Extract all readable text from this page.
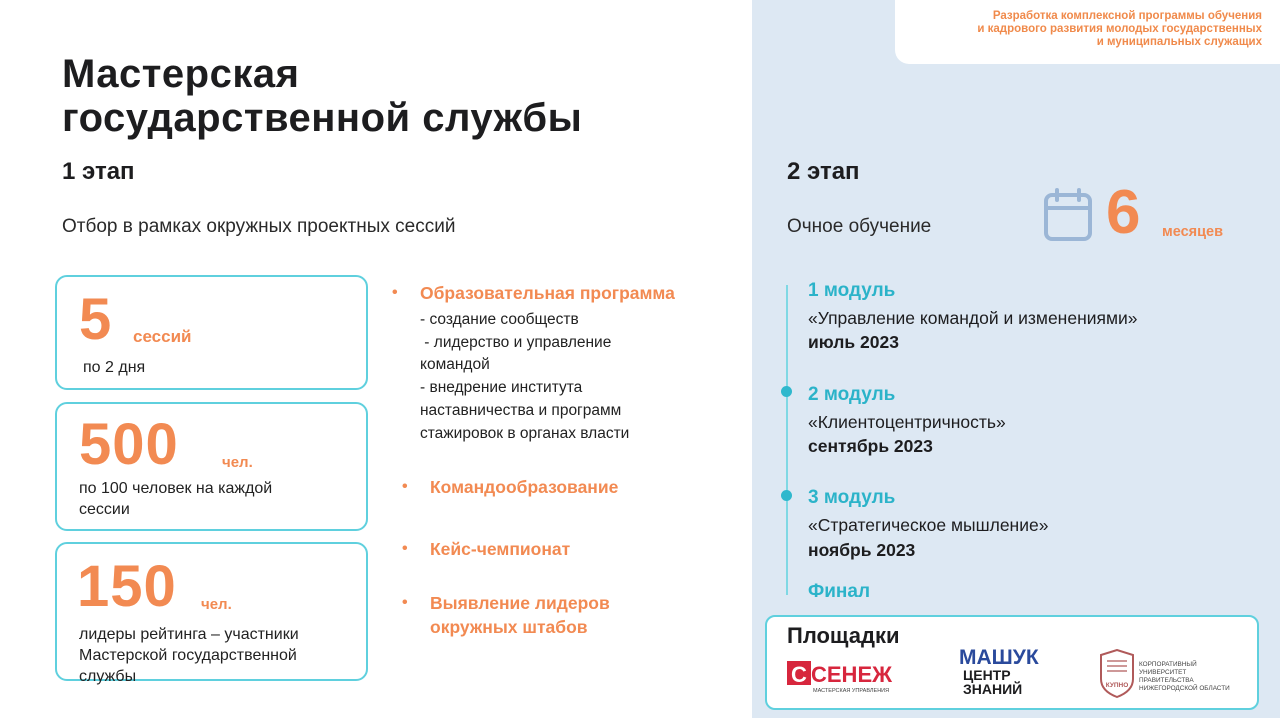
Разработка комплексной программы обучения
и кадрового развития молодых государственных
и муниципальных служащих
Мастерская
государственной службы
1 этап
Отбор в рамках окружных проектных сессий
5 сессий
по 2 дня
500	чел.
по 100 человек на каждой
сессии
150 чел.
лидеры рейтинга – участники
Мастерской государственной
службы
• Образовательная программа
- создание сообществ
- лидерство и управление
командой
- внедрение института
наставничества и программ
стажировок в органах власти
• Командообразование
• Кейс-чемпионат
• Выявление лидеров
окружных штабов
2 этап
Очное обучение	6 месяцев
1 модуль
«Управление командой и изменениями»
июль 2023
2 модуль
«Клиентоцентричность»
сентябрь 2023
3 модуль
«Стратегическое мышление»
ноябрь 2023
Финал
Площадки
С СЕНЕЖ
МАСТЕРСКАЯ УПРАВЛЕНИЯ
МАШУК
ЦЕНТР
ЗНАНИЙ	КУПНО
КОРПОРАТИВНЫЙ УНИВЕРСИТЕТ
ПРАВИТЕЛЬСТВА
НИЖЕГОРОДСКОЙ ОБЛАСТИ
